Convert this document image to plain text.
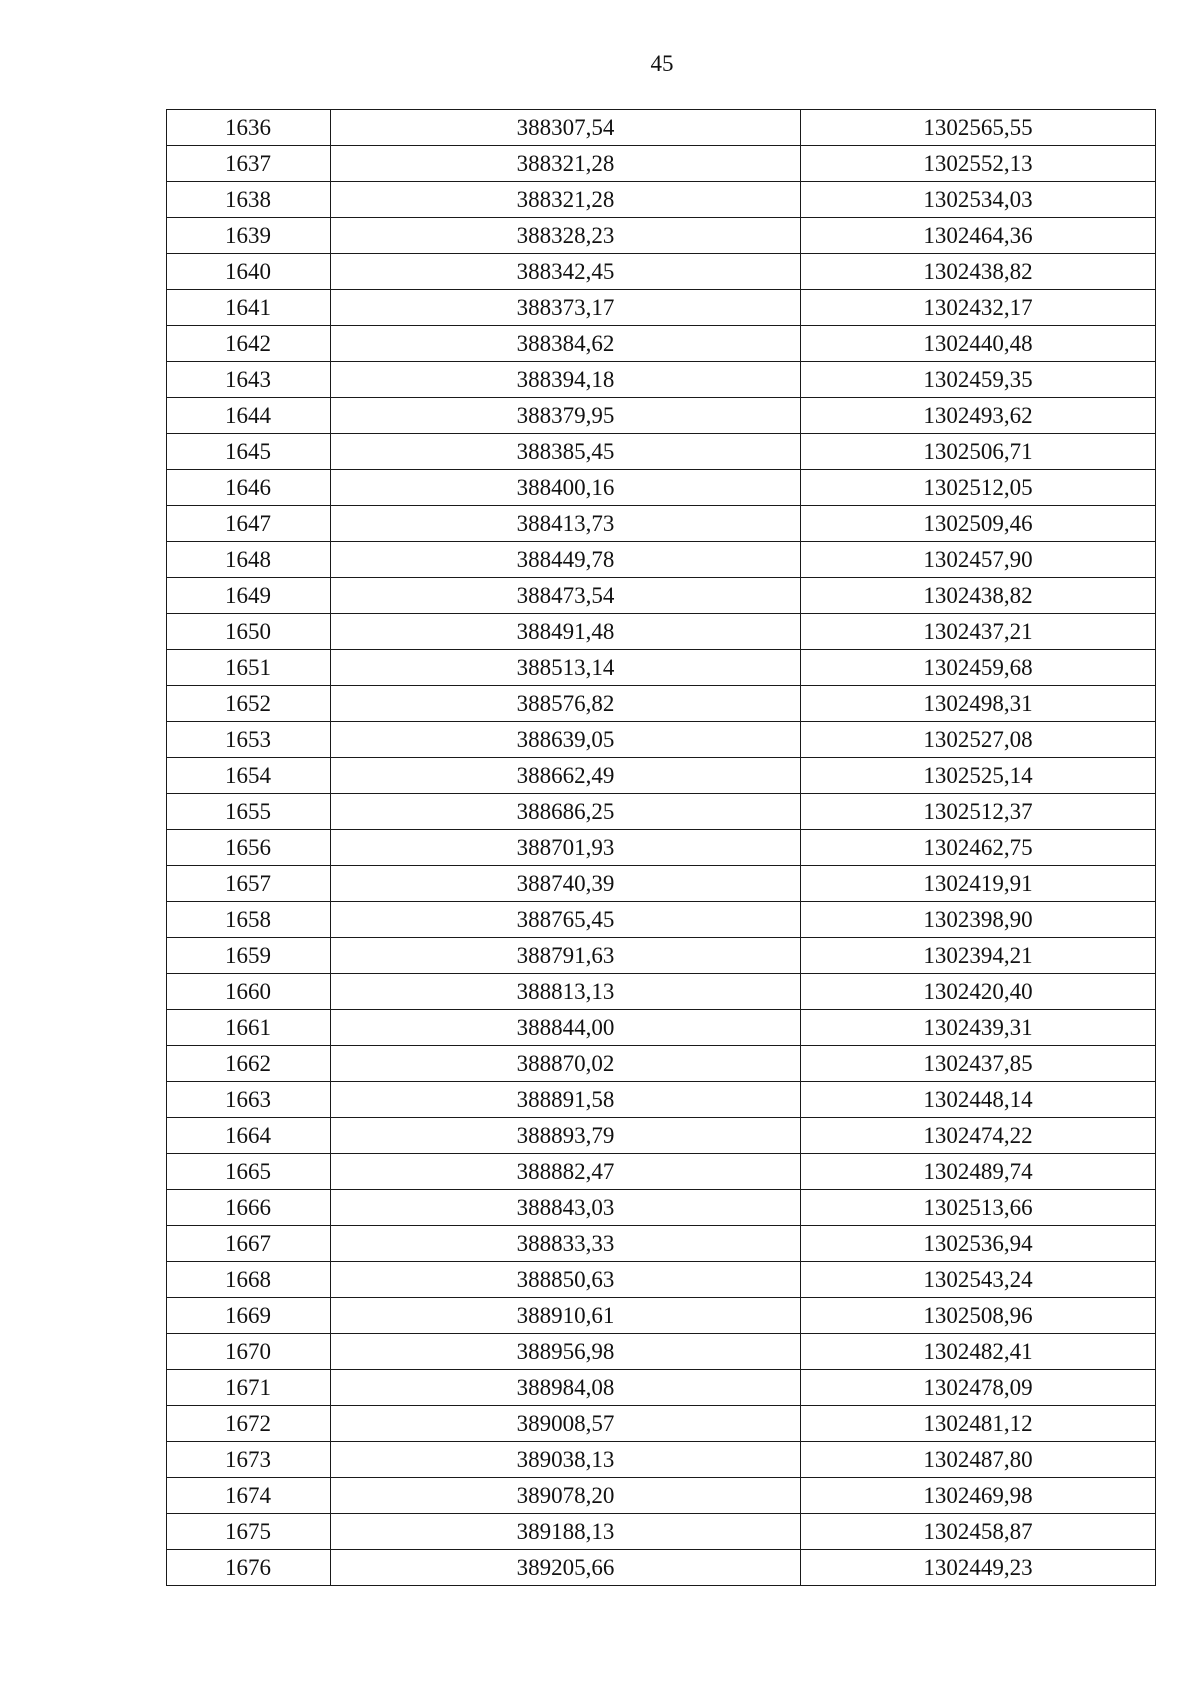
45
1636	388307,54	1302565,55
1637	388321,28	1302552,13
1638	388321,28	1302534,03
1639	388328,23	1302464,36
1640	388342,45	1302438,82
1641	388373,17	1302432,17
1642	388384,62	1302440,48
1643	388394,18	1302459,35
1644	388379,95	1302493,62
1645	388385,45	1302506,71
1646	388400,16	1302512,05
1647	388413,73	1302509,46
1648	388449,78	1302457,90
1649	388473,54	1302438,82
1650	388491,48	1302437,21
1651	388513,14	1302459,68
1652	388576,82	1302498,31
1653	388639,05	1302527,08
1654	388662,49	1302525,14
1655	388686,25	1302512,37
1656	388701,93	1302462,75
1657	388740,39	1302419,91
1658	388765,45	1302398,90
1659	388791,63	1302394,21
1660	388813,13	1302420,40
1661	388844,00	1302439,31
1662	388870,02	1302437,85
1663	388891,58	1302448,14
1664	388893,79	1302474,22
1665	388882,47	1302489,74
1666	388843,03	1302513,66
1667	388833,33	1302536,94
1668	388850,63	1302543,24
1669	388910,61	1302508,96
1670	388956,98	1302482,41
1671	388984,08	1302478,09
1672	389008,57	1302481,12
1673	389038,13	1302487,80
1674	389078,20	1302469,98
1675	389188,13	1302458,87
1676	389205,66	1302449,23
